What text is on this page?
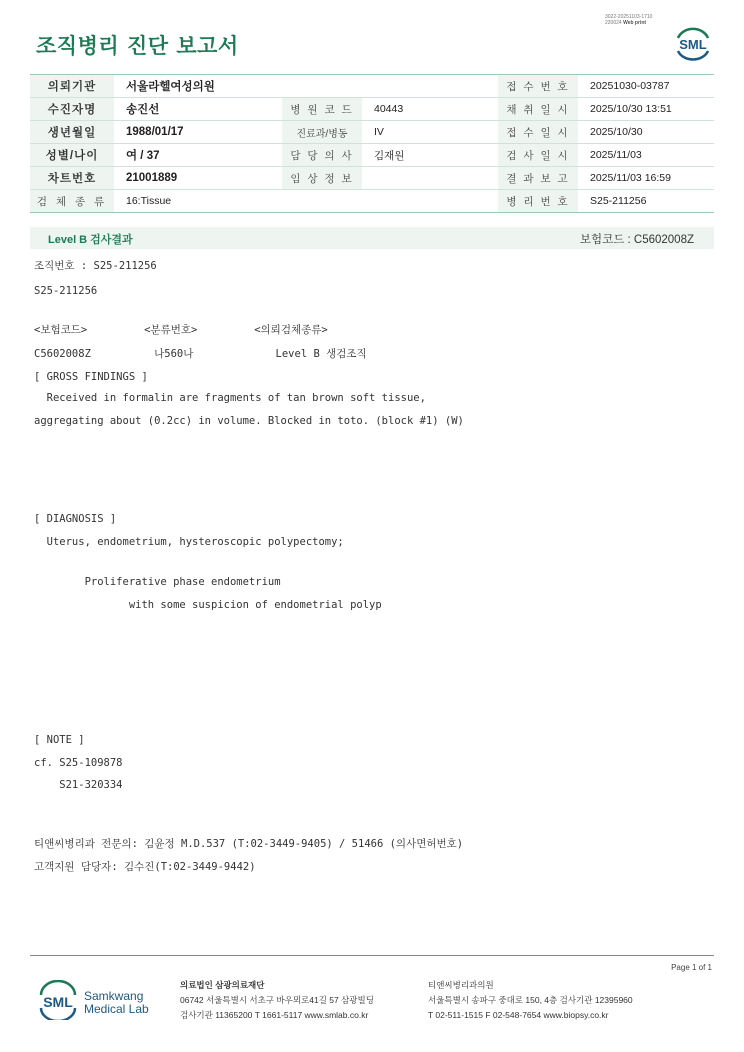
조직병리 진단 보고서
3022-20251103-1710
220024 Web print
SML
의뢰기관	서울라헬여성의원			접 수 번 호	20251030-03787
수진자명	송진선	병 원 코 드	40443	채 취 일 시	2025/10/30 13:51
생년월일	1988/01/17	진료과/병동	IV	접 수 일 시	2025/10/30
성별/나이	여 / 37	담 당 의 사	김재원	검 사 일 시	2025/11/03
차트번호	21001889	임 상 정 보		결 과 보 고	2025/11/03 16:59
검 체 종 류	16:Tissue			병 리 번 호	S25-211256
Level B 검사결과	보험코드 : C5602008Z
조직번호 : S25-211256
S25-211256
<보험코드>         <분류번호>         <의뢰검체종류>
C5602008Z          나560나             Level B 생검조직
[ GROSS FINDINGS ]
Received in formalin are fragments of tan brown soft tissue,
aggregating about (0.2cc) in volume. Blocked in toto. (block #1) (W)
[ DIAGNOSIS ]
Uterus, endometrium, hysteroscopic polypectomy;
Proliferative phase endometrium
with some suspicion of endometrial polyp
[ NOTE ]
cf. S25-109878
S21-320334
티앤씨병리과 전문의: 김윤정 M.D.537 (T:02-3449-9405) / 51466 (의사면허번호)
고객지원 담당자: 김수진(T:02-3449-9442)
Page 1 of 1
SML Samkwang
Medical Lab
의료법인 삼광의료재단
06742 서울특별시 서초구 바우뫼로41길 57 삼광빌딩
검사기관 11365200 T 1661-5117 www.smlab.co.kr
티앤씨병리과의원
서울특별시 송파구 중대로 150, 4층 검사기관 12395960
T 02-511-1515 F 02-548-7654 www.biopsy.co.kr
